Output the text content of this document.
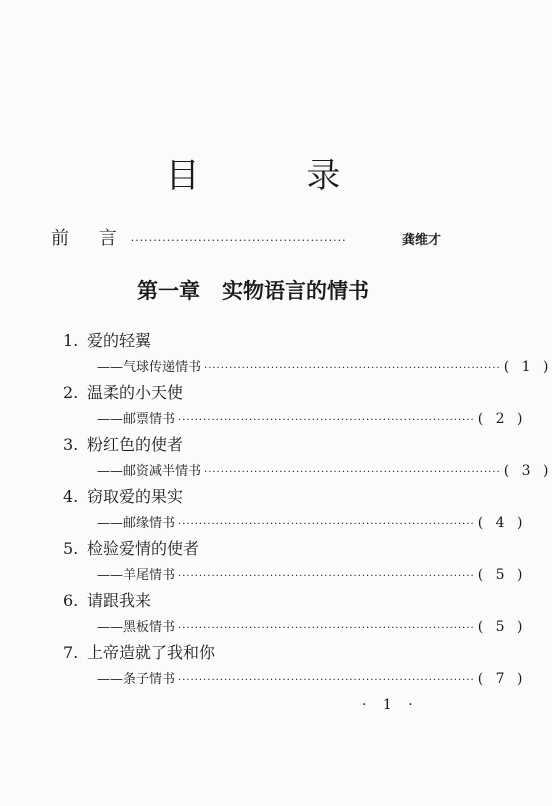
目 录
前 言 ················································	龚维才
第一章 实物语言的情书
1. 爱的轻翼
—— 气球传递情书 ······································································· ( 1 )
2. 温柔的小天使
—— 邮票情书 ······································································· ( 2 )
3. 粉红色的使者
—— 邮资减半情书 ······································································· ( 3 )
4. 窃取爱的果实
—— 邮缘情书 ······································································· ( 4 )
5. 检验爱情的使者
—— 羊尾情书 ······································································· ( 5 )
6. 请跟我来
—— 黑板情书 ······································································· ( 5 )
7. 上帝造就了我和你
—— 条子情书 ······································································· ( 7 )
· 1 ·
